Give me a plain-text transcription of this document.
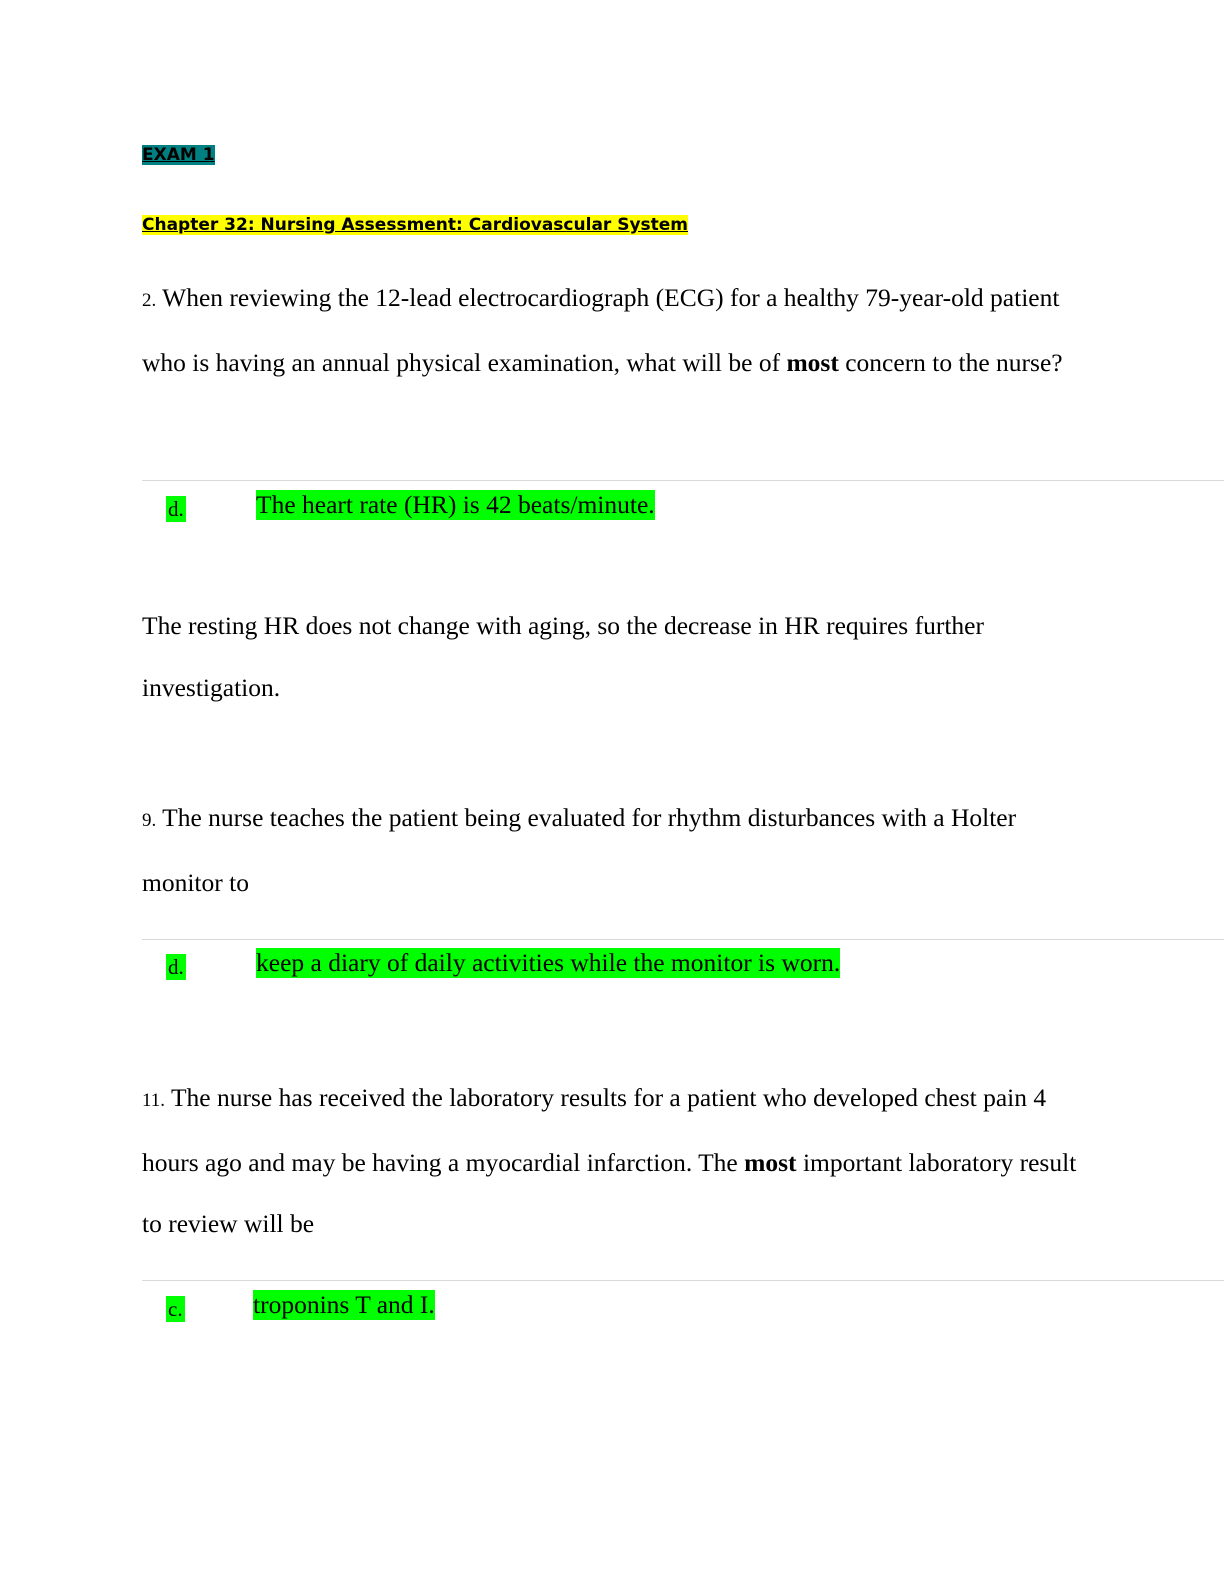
EXAM 1
Chapter 32: Nursing Assessment: Cardiovascular System
2. When reviewing the 12-lead electrocardiograph (ECG) for a healthy 79-year-old patient who is having an annual physical examination, what will be of most concern to the nurse?
d.	The heart rate (HR) is 42 beats/minute.
The resting HR does not change with aging, so the decrease in HR requires further investigation.
9. The nurse teaches the patient being evaluated for rhythm disturbances with a Holter monitor to
d.	keep a diary of daily activities while the monitor is worn.
11. The nurse has received the laboratory results for a patient who developed chest pain 4 hours ago and may be having a myocardial infarction. The most important laboratory result to review will be
c.	troponins T and I.
